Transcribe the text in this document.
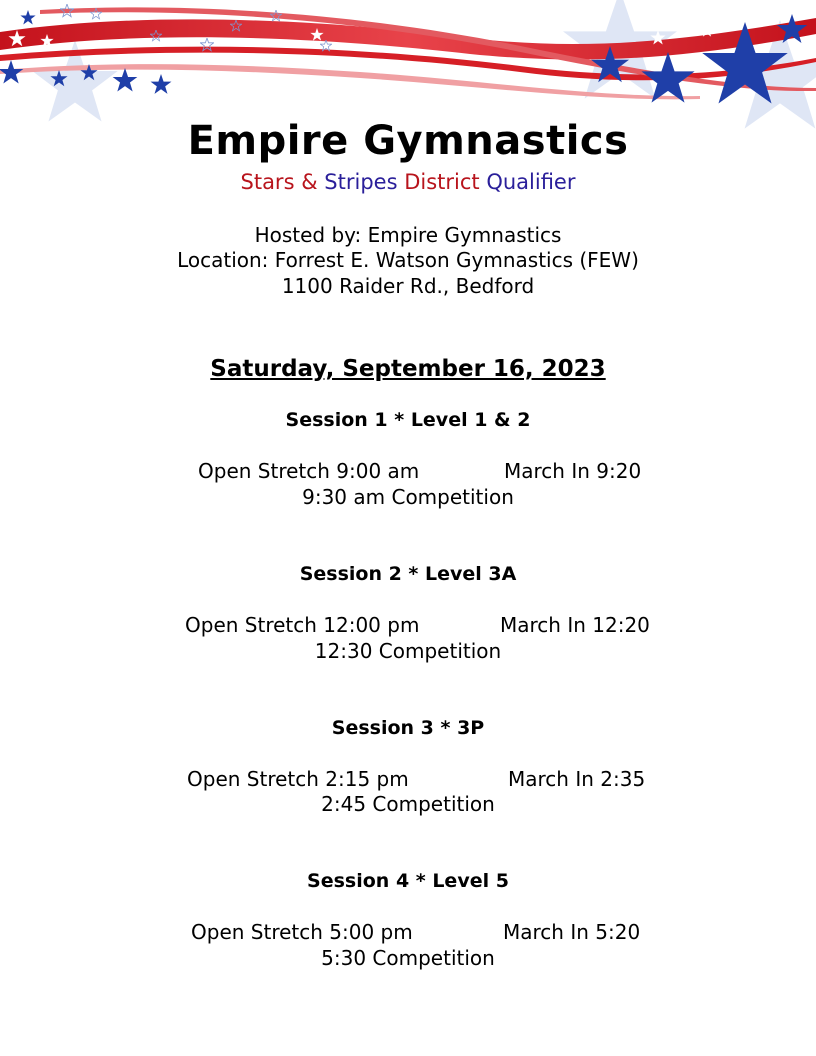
Empire Gymnastics
Stars & Stripes District Qualifier
Hosted by: Empire Gymnastics
Location: Forrest E. Watson Gymnastics (FEW)
1100 Raider Rd., Bedford
Saturday, September 16, 2023
Session 1 * Level 1 & 2
Open Stretch 9:00 am	March In 9:20
9:30 am Competition
Session 2 * Level 3A
Open Stretch 12:00 pm	March In 12:20
12:30 Competition
Session 3 * 3P
Open Stretch 2:15 pm	March In 2:35
2:45 Competition
Session 4 * Level 5
Open Stretch 5:00 pm	March In 5:20
5:30 Competition
